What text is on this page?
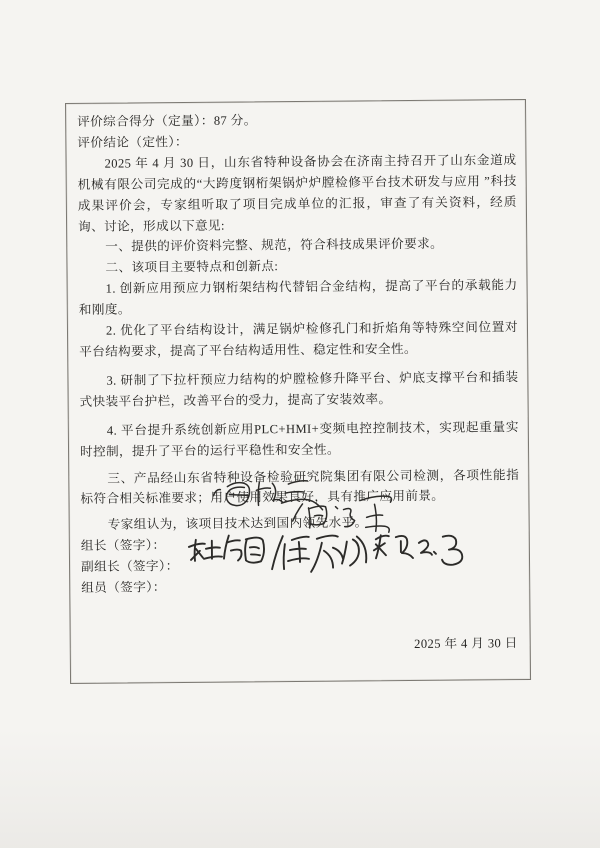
评价综合得分（定量）：87 分。

评价结论（定性）：

2025 年 4 月 30 日，山东省特种设备协会在济南主持召开了山东金道成机械有限公司完成的“大跨度钢桁架锅炉炉膛检修平台技术研发与应用 ”科技成果评价会，专家组听取了项目完成单位的汇报，审查了有关资料，经质询、讨论，形成以下意见:

一、提供的评价资料完整、规范，符合科技成果评价要求。

二、该项目主要特点和创新点:

1. 创新应用预应力钢桁架结构代替铝合金结构，提高了平台的承载能力和刚度。

2. 优化了平台结构设计，满足锅炉检修孔门和折焰角等特殊空间位置对平台结构要求，提高了平台结构适用性、稳定性和安全性。

3. 研制了下拉杆预应力结构的炉膛检修升降平台、炉底支撑平台和插装式快装平台护栏，改善平台的受力，提高了安装效率。

4. 平台提升系统创新应用PLC+HMI+变频电控控制技术，实现起重量实时控制，提升了平台的运行平稳性和安全性。

三、产品经山东省特种设备检验研究院集团有限公司检测，各项性能指标符合相关标准要求；用户使用效果良好，具有推广应用前景。

专家组认为，该项目技术达到国内领先水平。

组长（签字）：

副组长（签字）：

组员（签字）：

2025 年 4 月 30 日
